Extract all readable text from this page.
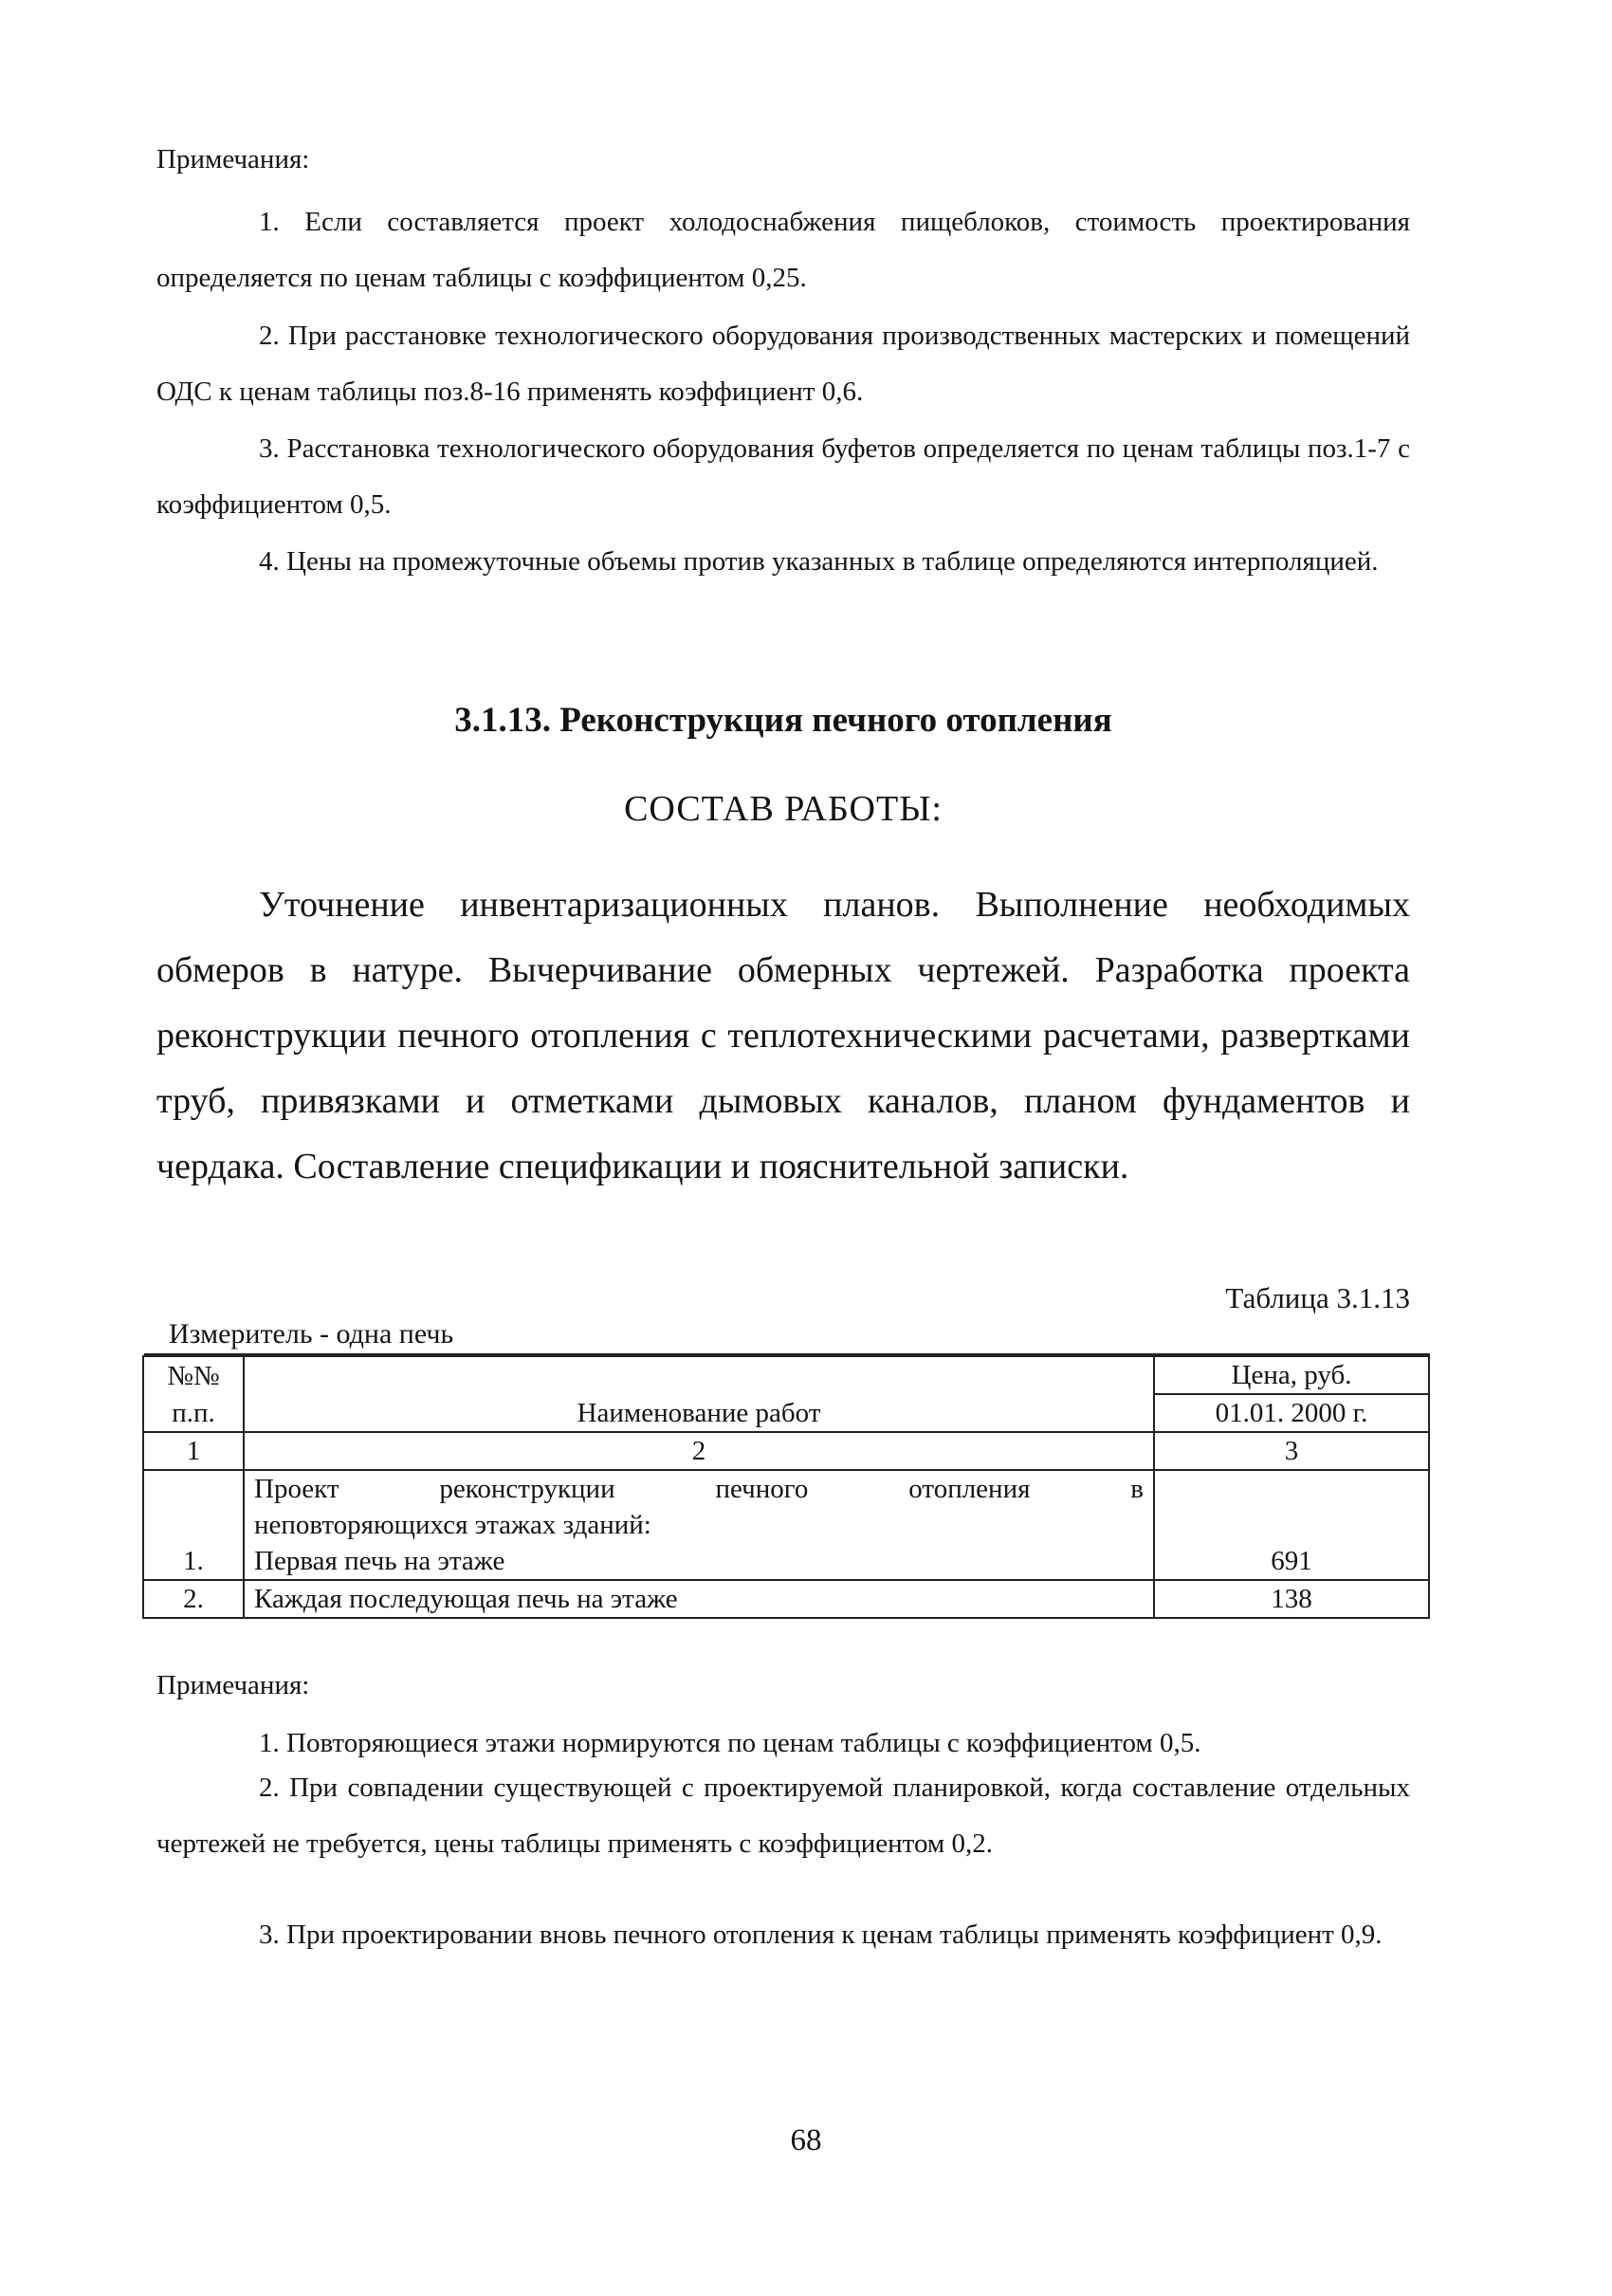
Примечания:

1. Если составляется проект холодоснабжения пищеблоков, стоимость проектирования определяется по ценам таблицы с коэффициентом 0,25.

2. При расстановке технологического оборудования производственных мастерских и помещений ОДС к ценам таблицы поз.8-16 применять коэффициент 0,6.

3. Расстановка технологического оборудования буфетов определяется по ценам таблицы поз.1-7 с коэффициентом 0,5.

4. Цены на промежуточные объемы против указанных в таблице определяются интерполяцией.

3.1.13. Реконструкция печного отопления
СОСТАВ РАБОТЫ:

Уточнение инвентаризационных планов. Выполнение необходимых обмеров в натуре. Вычерчивание обмерных чертежей. Разработка проекта реконструкции печного отопления с теплотехническими расчетами, развертками труб, привязками и отметками дымовых каналов, планом фундаментов и чердака. Составление спецификации и пояснительной записки.

Таблица 3.1.13
Измеритель - одна печь
№№		Цена, руб.
п.п.	Наименование работ	01.01. 2000 г.
1	2	3

	Проект реконструкции печного отопления в
неповторяющихся этажах зданий:	

1.	Первая печь на этаже	691
2.	Каждая последующая печь на этаже	138

Примечания:

1. Повторяющиеся этажи нормируются по ценам таблицы с коэффициентом 0,5.

2. При совпадении существующей с проектируемой планировкой, когда составление отдельных чертежей не требуется, цены таблицы применять с коэффициентом 0,2.

3. При проектировании вновь печного отопления к ценам таблицы применять коэффициент 0,9.

68
